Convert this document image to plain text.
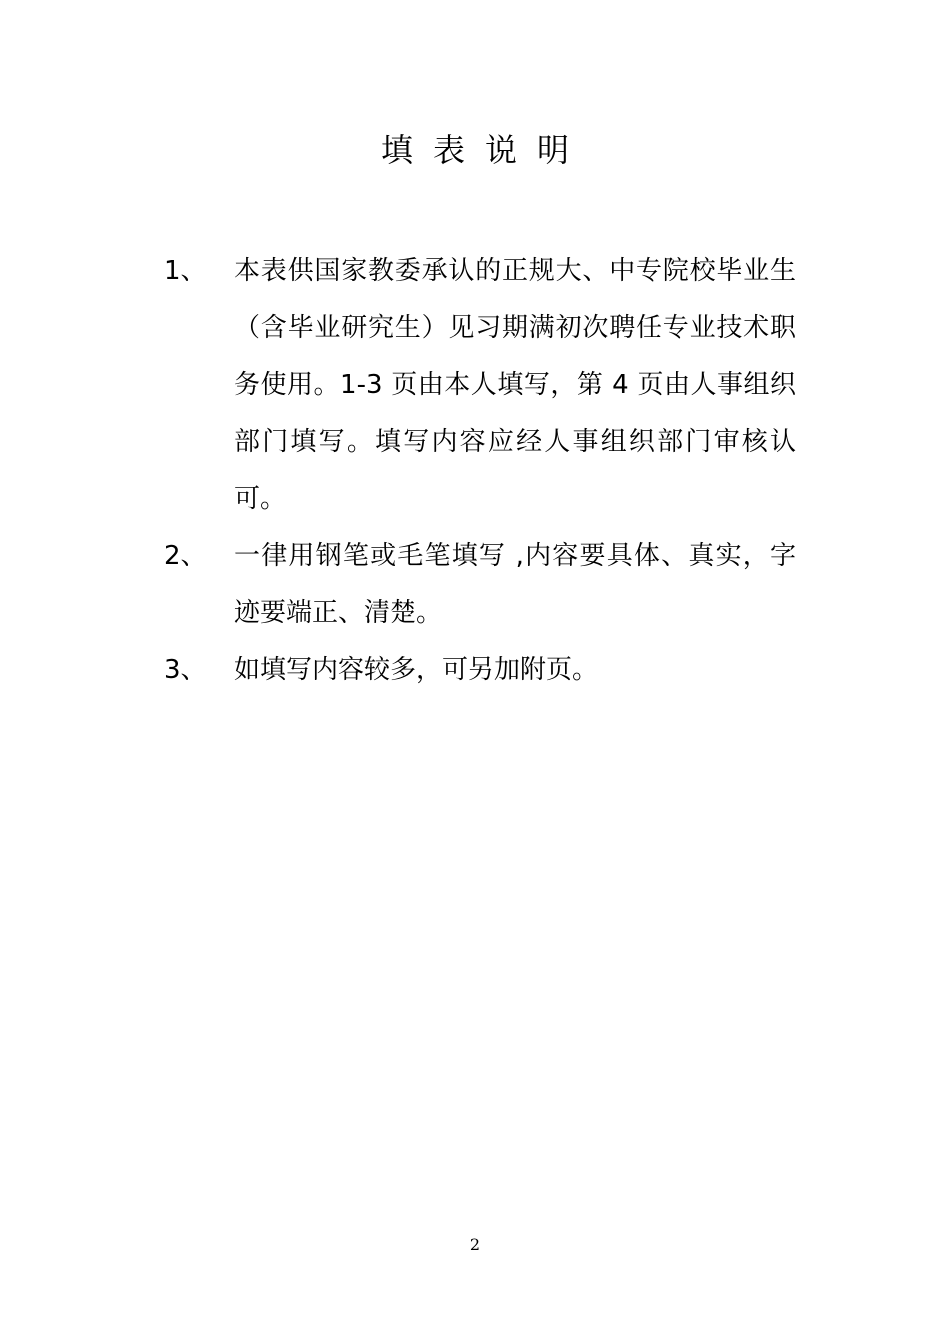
填表说明
1、	本表供国家教委承认的正规大、中专院校毕业生（含毕业研究生）见习期满初次聘任专业技术职务使用。1-3 页由本人填写，第 4 页由人事组织部门填写。填写内容应经人事组织部门审核认可。
2、	一律用钢笔或毛笔填写 ,内容要具体、真实，字迹要端正、清楚。
3、	如填写内容较多，可另加附页。
2
